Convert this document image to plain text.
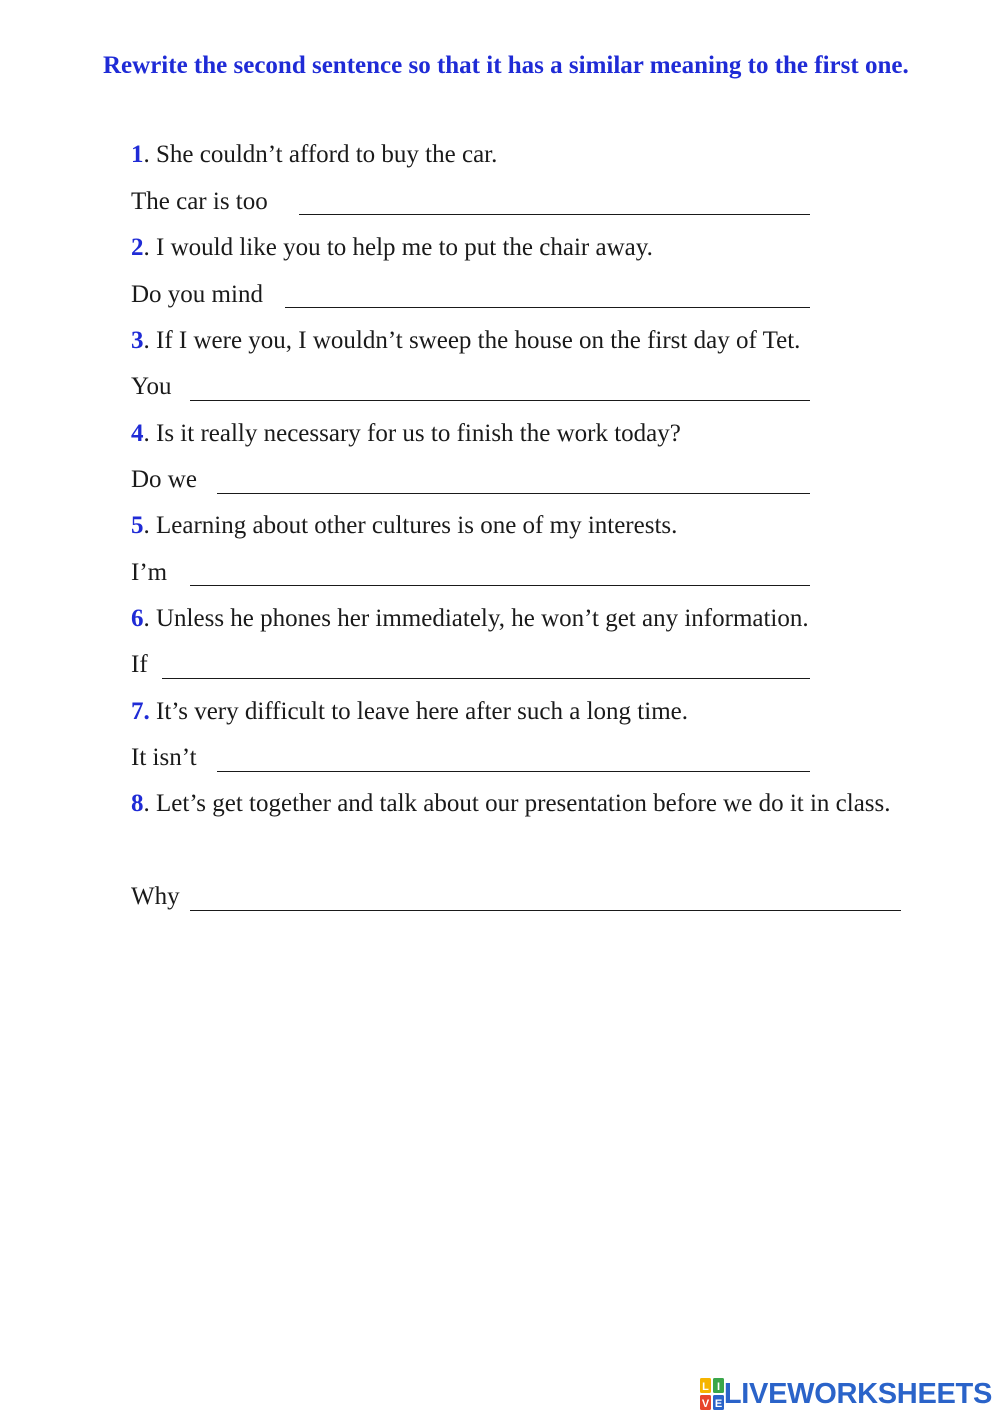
Rewrite the second sentence so that it has a similar meaning to the first one.
1. She couldn’t afford to buy the car.
The car is too
2. I would like you to help me to put the chair away.
Do you mind
3. If I were you, I wouldn’t sweep the house on the first day of Tet.
You
4. Is it really necessary for us to finish the work today?
Do we
5. Learning about other cultures is one of my interests.
I’m
6. Unless he phones her immediately, he won’t get any information.
If
7. It’s very difficult to leave here after such a long time.
It isn’t
8. Let’s get together and talk about our presentation before we do it in class.
Why
L I
V E LIVEWORKSHEETS
